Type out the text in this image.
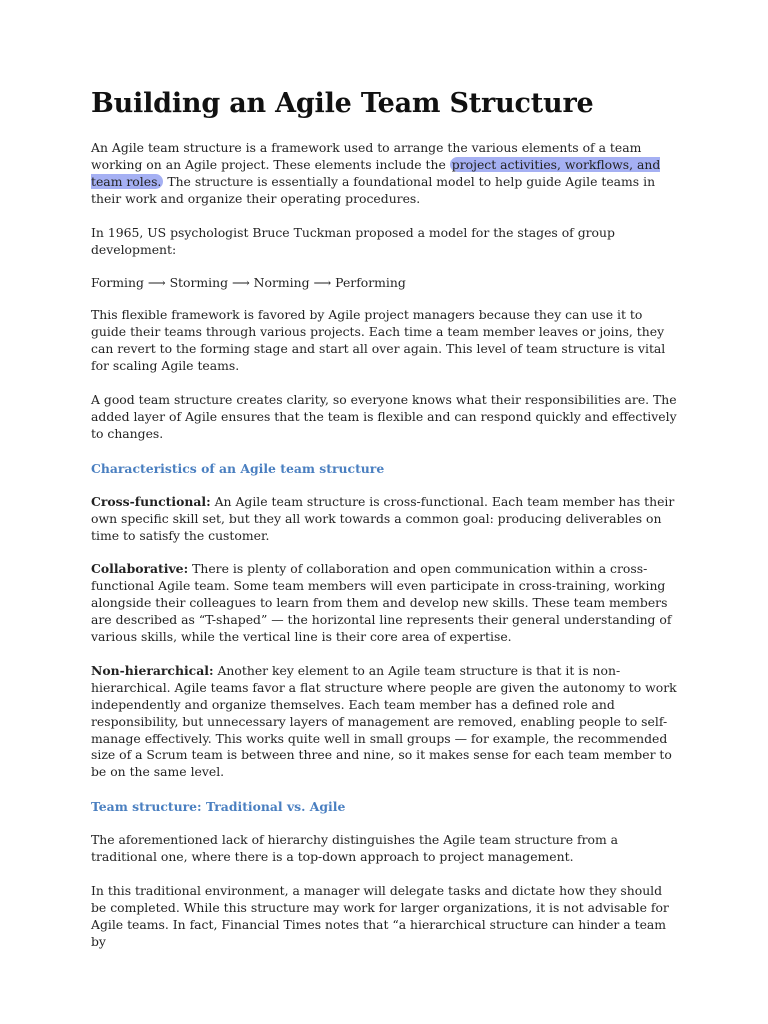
Building an Agile Team Structure

An Agile team structure is a framework used to arrange the various elements of a team working on an Agile project. These elements include the project activities, workflows, and team roles. The structure is essentially a foundational model to help guide Agile teams in their work and organize their operating procedures.

In 1965, US psychologist Bruce Tuckman proposed a model for the stages of group development:

Forming ⟶ Storming ⟶ Norming ⟶ Performing

This flexible framework is favored by Agile project managers because they can use it to guide their teams through various projects. Each time a team member leaves or joins, they can revert to the forming stage and start all over again. This level of team structure is vital for scaling Agile teams.

A good team structure creates clarity, so everyone knows what their responsibilities are. The added layer of Agile ensures that the team is flexible and can respond quickly and effectively to changes.

Characteristics of an Agile team structure

Cross-functional: An Agile team structure is cross-functional. Each team member has their own specific skill set, but they all work towards a common goal: producing deliverables on time to satisfy the customer.

Collaborative: There is plenty of collaboration and open communication within a cross-functional Agile team. Some team members will even participate in cross-training, working alongside their colleagues to learn from them and develop new skills. These team members are described as “T-shaped” — the horizontal line represents their general understanding of various skills, while the vertical line is their core area of expertise.

Non-hierarchical: Another key element to an Agile team structure is that it is non-hierarchical. Agile teams favor a flat structure where people are given the autonomy to work independently and organize themselves. Each team member has a defined role and responsibility, but unnecessary layers of management are removed, enabling people to self-manage effectively. This works quite well in small groups — for example, the recommended size of a Scrum team is between three and nine, so it makes sense for each team member to be on the same level.

Team structure: Traditional vs. Agile

The aforementioned lack of hierarchy distinguishes the Agile team structure from a traditional one, where there is a top-down approach to project management.

In this traditional environment, a manager will delegate tasks and dictate how they should be completed. While this structure may work for larger organizations, it is not advisable for Agile teams. In fact, Financial Times notes that “a hierarchical structure can hinder a team by
